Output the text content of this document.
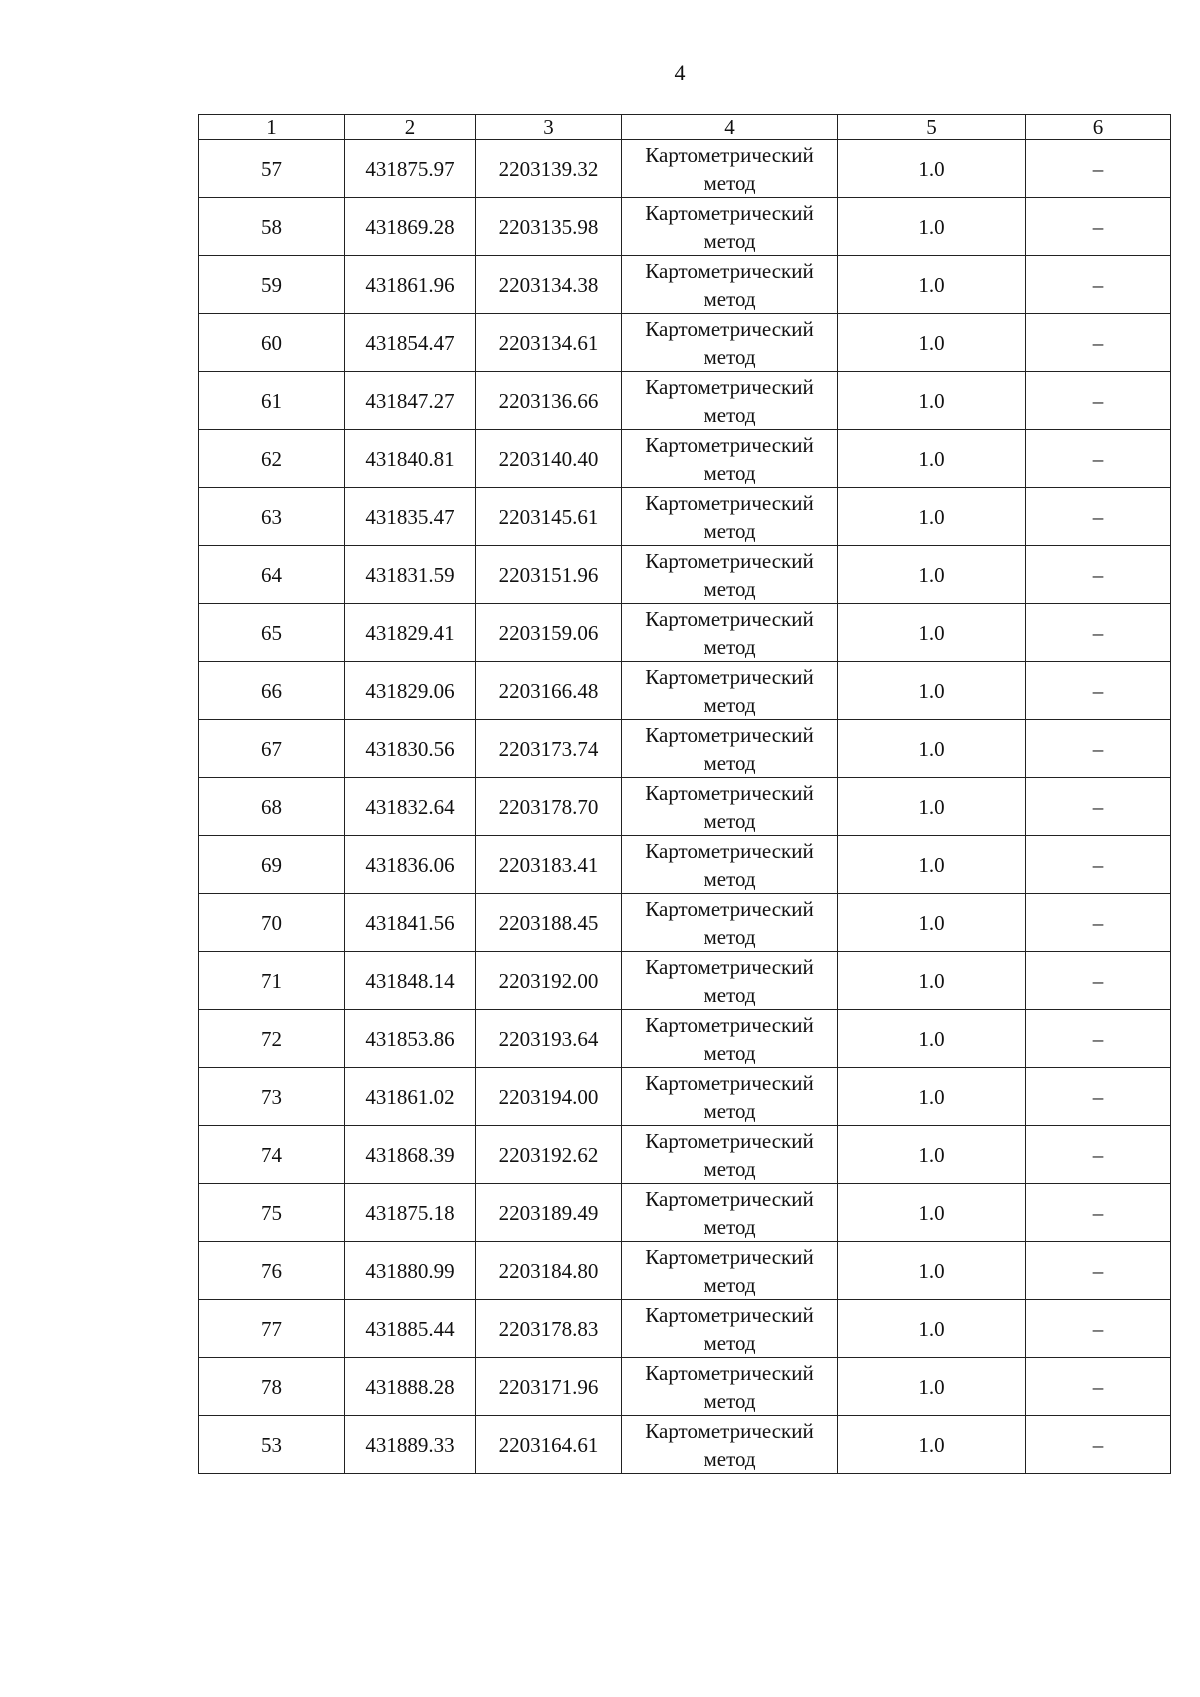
4
1	2	3	4	5	6
57	431875.97	2203139.32	Картометрический
метод	1.0	–
58	431869.28	2203135.98	Картометрический
метод	1.0	–
59	431861.96	2203134.38	Картометрический
метод	1.0	–
60	431854.47	2203134.61	Картометрический
метод	1.0	–
61	431847.27	2203136.66	Картометрический
метод	1.0	–
62	431840.81	2203140.40	Картометрический
метод	1.0	–
63	431835.47	2203145.61	Картометрический
метод	1.0	–
64	431831.59	2203151.96	Картометрический
метод	1.0	–
65	431829.41	2203159.06	Картометрический
метод	1.0	–
66	431829.06	2203166.48	Картометрический
метод	1.0	–
67	431830.56	2203173.74	Картометрический
метод	1.0	–
68	431832.64	2203178.70	Картометрический
метод	1.0	–
69	431836.06	2203183.41	Картометрический
метод	1.0	–
70	431841.56	2203188.45	Картометрический
метод	1.0	–
71	431848.14	2203192.00	Картометрический
метод	1.0	–
72	431853.86	2203193.64	Картометрический
метод	1.0	–
73	431861.02	2203194.00	Картометрический
метод	1.0	–
74	431868.39	2203192.62	Картометрический
метод	1.0	–
75	431875.18	2203189.49	Картометрический
метод	1.0	–
76	431880.99	2203184.80	Картометрический
метод	1.0	–
77	431885.44	2203178.83	Картометрический
метод	1.0	–
78	431888.28	2203171.96	Картометрический
метод	1.0	–
53	431889.33	2203164.61	Картометрический
метод	1.0	–
